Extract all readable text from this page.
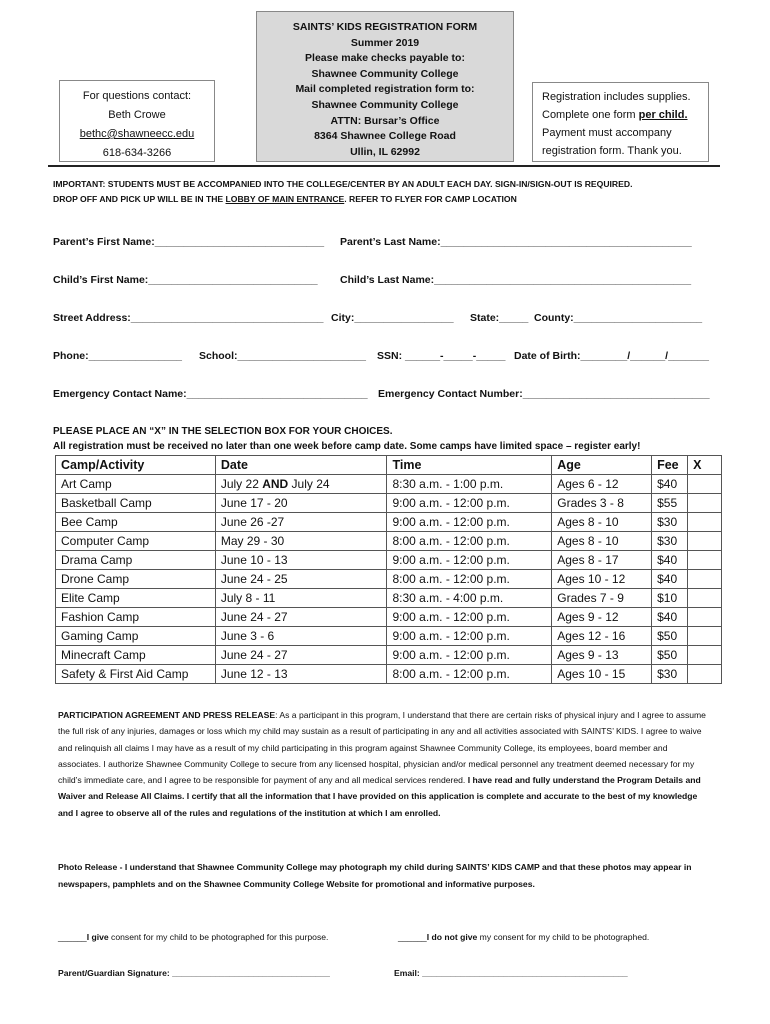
For questions contact:
Beth Crowe
bethc@shawneecc.edu
618-634-3266
SAINTS’ KIDS REGISTRATION FORM
Summer 2019
Please make checks payable to:
Shawnee Community College
Mail completed registration form to:
Shawnee Community College
ATTN: Bursar’s Office
8364 Shawnee College Road
Ullin, IL 62992
Registration includes supplies.
Complete one form per child.
Payment must accompany
registration form. Thank you.
IMPORTANT: STUDENTS MUST BE ACCOMPANIED INTO THE COLLEGE/CENTER BY AN ADULT EACH DAY. SIGN-IN/SIGN-OUT IS REQUIRED.
DROP OFF AND PICK UP WILL BE IN THE LOBBY OF MAIN ENTRANCE. REFER TO FLYER FOR CAMP LOCATION
Parent’s First Name:_____________________________ Parent’s Last Name:___________________________________________
Child’s First Name:_____________________________ Child’s Last Name:____________________________________________
Street Address:_________________________________ City:_________________ State:_____ County:______________________
Phone:________________ School:______________________ SSN: ______-_____-_____ Date of Birth:________/______/_______
Emergency Contact Name:_______________________________ Emergency Contact Number:________________________________
PLEASE PLACE AN “X” IN THE SELECTION BOX FOR YOUR CHOICES.
All registration must be received no later than one week before camp date. Some camps have limited space – register early!
Camp/Activity	Date	Time	Age	Fee	X
Art Camp	July 22 AND July 24	8:30 a.m. - 1:00 p.m.	Ages 6 - 12	$40	
Basketball Camp	June 17 - 20	9:00 a.m. - 12:00 p.m.	Grades 3 - 8	$55	
Bee Camp	June 26 -27	9:00 a.m. - 12:00 p.m.	Ages 8 - 10	$30	
Computer Camp	May 29 - 30	8:00 a.m. - 12:00 p.m.	Ages 8 - 10	$30	
Drama Camp	June 10 - 13	9:00 a.m. - 12:00 p.m.	Ages 8 - 17	$40	
Drone Camp	June 24 - 25	8:00 a.m. - 12:00 p.m.	Ages 10 - 12	$40	
Elite Camp	July 8 - 11	8:30 a.m. - 4:00 p.m.	Grades 7 - 9	$10	
Fashion Camp	June 24 - 27	9:00 a.m. - 12:00 p.m.	Ages 9 - 12	$40	
Gaming Camp	June 3 - 6	9:00 a.m. - 12:00 p.m.	Ages 12 - 16	$50	
Minecraft Camp	June 24 - 27	9:00 a.m. - 12:00 p.m.	Ages 9 - 13	$50	
Safety & First Aid Camp	June 12 - 13	8:00 a.m. - 12:00 p.m.	Ages 10 - 15	$30	
PARTICIPATION AGREEMENT AND PRESS RELEASE: As a participant in this program, I understand that there are certain risks of physical injury and I agree to assume the full risk of any injuries, damages or loss which my child may sustain as a result of participating in any and all activities associated with SAINTS’ KIDS. I agree to waive and relinquish all claims I may have as a result of my child participating in this program against Shawnee Community College, its employees, board member and associates. I authorize Shawnee Community College to secure from any licensed hospital, physician and/or medical personnel any treatment deemed necessary for my child’s immediate care, and I agree to be responsible for payment of any and all medical services rendered. I have read and fully understand the Program Details and Waiver and Release All Claims. I certify that all the information that I have provided on this application is complete and accurate to the best of my knowledge and I agree to observe all of the rules and regulations of the institution at which I am enrolled.
Photo Release - I understand that Shawnee Community College may photograph my child during SAINTS’ KIDS CAMP and that these photos may appear in newspapers, pamphlets and on the Shawnee Community College Website for promotional and informative purposes.
______I give consent for my child to be photographed for this purpose.	______I do not give my consent for my child to be photographed.
Parent/Guardian Signature: _________________________________	Email: ___________________________________________
